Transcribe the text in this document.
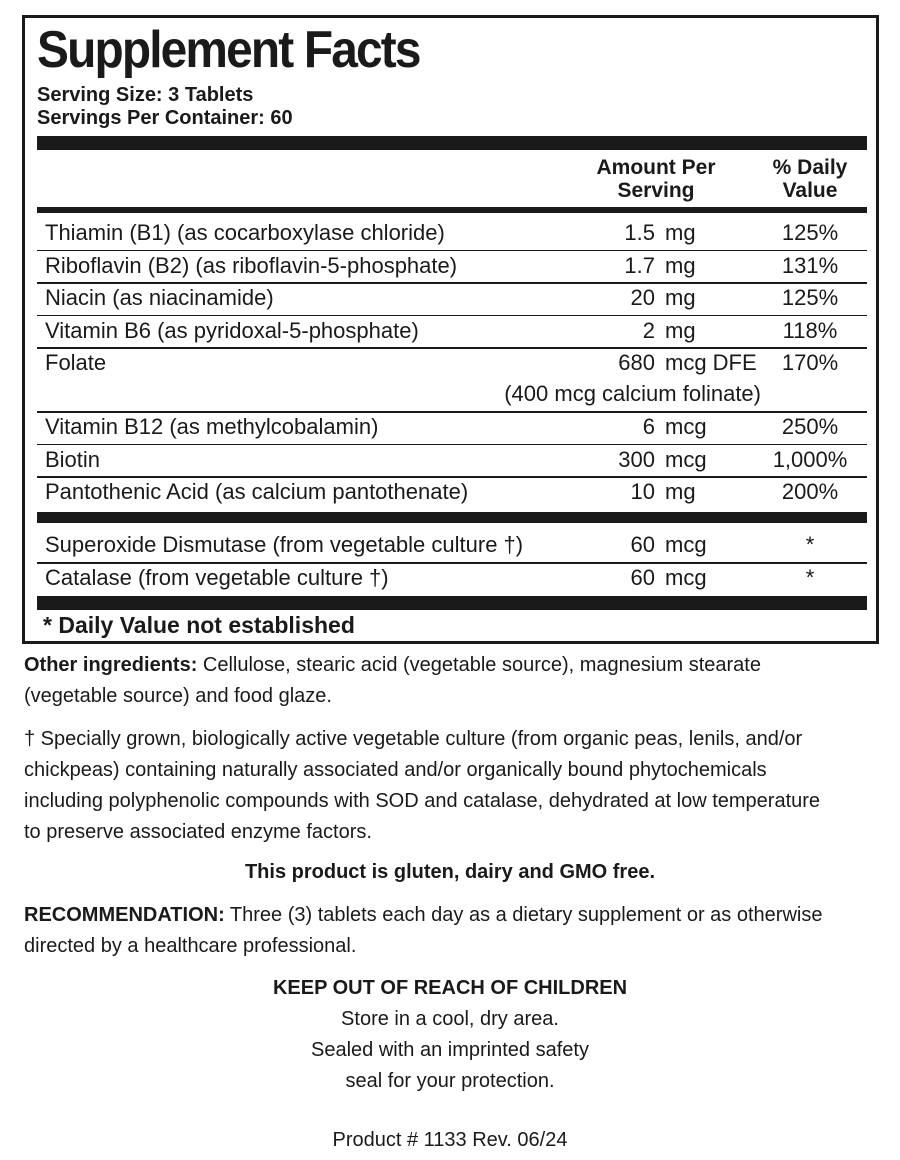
Supplement Facts
Serving Size: 3 Tablets
Servings Per Container: 60
Amount Per
Serving
% Daily
Value
Thiamin (B1) (as cocarboxylase chloride)	1.5 mg	125%
Riboflavin (B2) (as riboflavin-5-phosphate)	1.7 mg	131%
Niacin (as niacinamide)	20 mg	125%
Vitamin B6 (as pyridoxal-5-phosphate)	2 mg	118%
Folate	680 mcg DFE	170%
(400 mcg calcium folinate)
Vitamin B12 (as methylcobalamin)	6 mcg	250%
Biotin	300 mcg	1,000%
Pantothenic Acid (as calcium pantothenate)	10 mg	200%
Superoxide Dismutase (from vegetable culture †)	60 mcg	*
Catalase (from vegetable culture †)	60 mcg	*
* Daily Value not established
Other ingredients: Cellulose, stearic acid (vegetable source), magnesium stearate
(vegetable source) and food glaze.
† Specially grown, biologically active vegetable culture (from organic peas, lenils, and/or
chickpeas) containing naturally associated and/or organically bound phytochemicals
including polyphenolic compounds with SOD and catalase, dehydrated at low temperature
to preserve associated enzyme factors.
This product is gluten, dairy and GMO free.
RECOMMENDATION: Three (3) tablets each day as a dietary supplement or as otherwise
directed by a healthcare professional.
KEEP OUT OF REACH OF CHILDREN
Store in a cool, dry area.
Sealed with an imprinted safety
seal for your protection.
Product # 1133 Rev. 06/24
